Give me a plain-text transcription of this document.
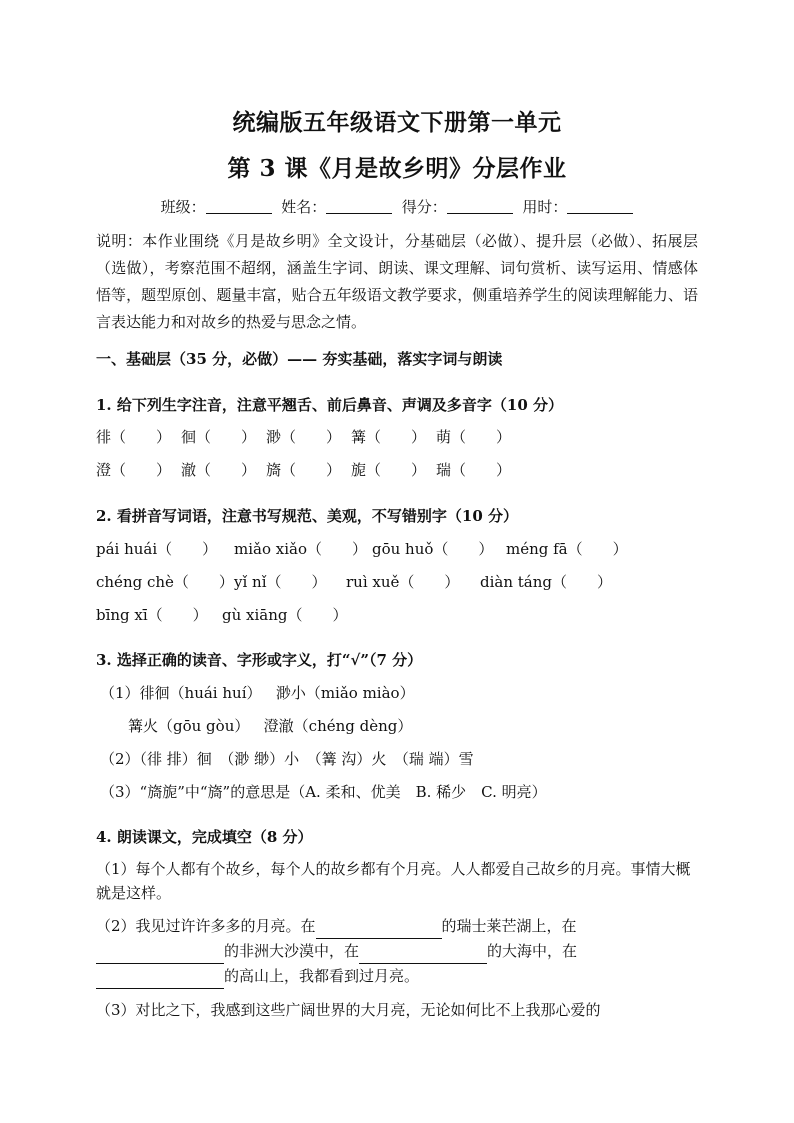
统编版五年级语文下册第一单元
第 3 课《月是故乡明》分层作业
班级：	姓名：	得分：	用时：
说明：本作业围绕《月是故乡明》全文设计，分基础层（必做）、提升层（必做）、拓展层（选做），考察范围不超纲，涵盖生字词、朗读、课文理解、词句赏析、读写运用、情感体悟等，题型原创、题量丰富，贴合五年级语文教学要求，侧重培养学生的阅读理解能力、语言表达能力和对故乡的热爱与思念之情。
一、基础层（35 分，必做）—— 夯实基础，落实字词与朗读
1. 给下列生字注音，注意平翘舌、前后鼻音、声调及多音字（10 分）
徘（　　） 徊（　　） 渺（　　） 篝（　　） 萌（　　）
澄（　　） 澈（　　） 旖（　　） 旎（　　） 瑞（　　）
2. 看拼音写词语，注意书写规范、美观，不写错别字（10 分）
pái huái（　　）	miǎo xiǎo（　　） gōu huǒ（　　） méng fā（　　）
chéng chè（　　） yǐ nǐ（　　）	ruì xuě（　　）	diàn táng（　　）
bīng xī（　　） gù xiāng（　　）
3. 选择正确的读音、字形或字义，打“√”（7 分）
（1）徘徊（huái huí） 渺小（miǎo miào）
篝火（gōu gòu） 澄澈（chéng dèng）
（2）（徘 排）徊　（渺 缈）小　（篝 沟）火　（瑞 端）雪
（3）“旖旎”中“旖”的意思是（A. 柔和、优美　B. 稀少　C. 明亮）
4. 朗读课文，完成填空（8 分）
（1）每个人都有个故乡，每个人的故乡都有个月亮。人人都爱自己故乡的月亮。事情大概就是这样。
（2）我见过许许多多的月亮。在	的瑞士莱芒湖上，在
的非洲大沙漠中，在	的大海中，在
的高山上，我都看到过月亮。
（3）对比之下，我感到这些广阔世界的大月亮，无论如何比不上我那心爱的
